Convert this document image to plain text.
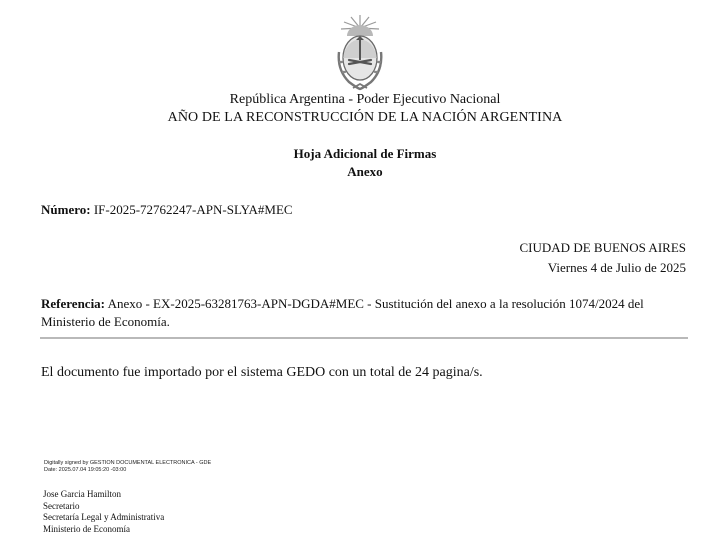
República Argentina - Poder Ejecutivo Nacional
AÑO DE LA RECONSTRUCCIÓN DE LA NACIÓN ARGENTINA
Hoja Adicional de Firmas
Anexo
Número: IF-2025-72762247-APN-SLYA#MEC
CIUDAD DE BUENOS AIRES
Viernes 4 de Julio de 2025
Referencia: Anexo - EX-2025-63281763-APN-DGDA#MEC - Sustitución del anexo a la resolución 1074/2024 del Ministerio de Economía.
El documento fue importado por el sistema GEDO con un total de 24 pagina/s.
Digitally signed by GESTION DOCUMENTAL ELECTRONICA - GDE
Date: 2025.07.04 19:05:20 -03:00
Jose Garcia Hamilton
Secretario
Secretaría Legal y Administrativa
Ministerio de Economía
